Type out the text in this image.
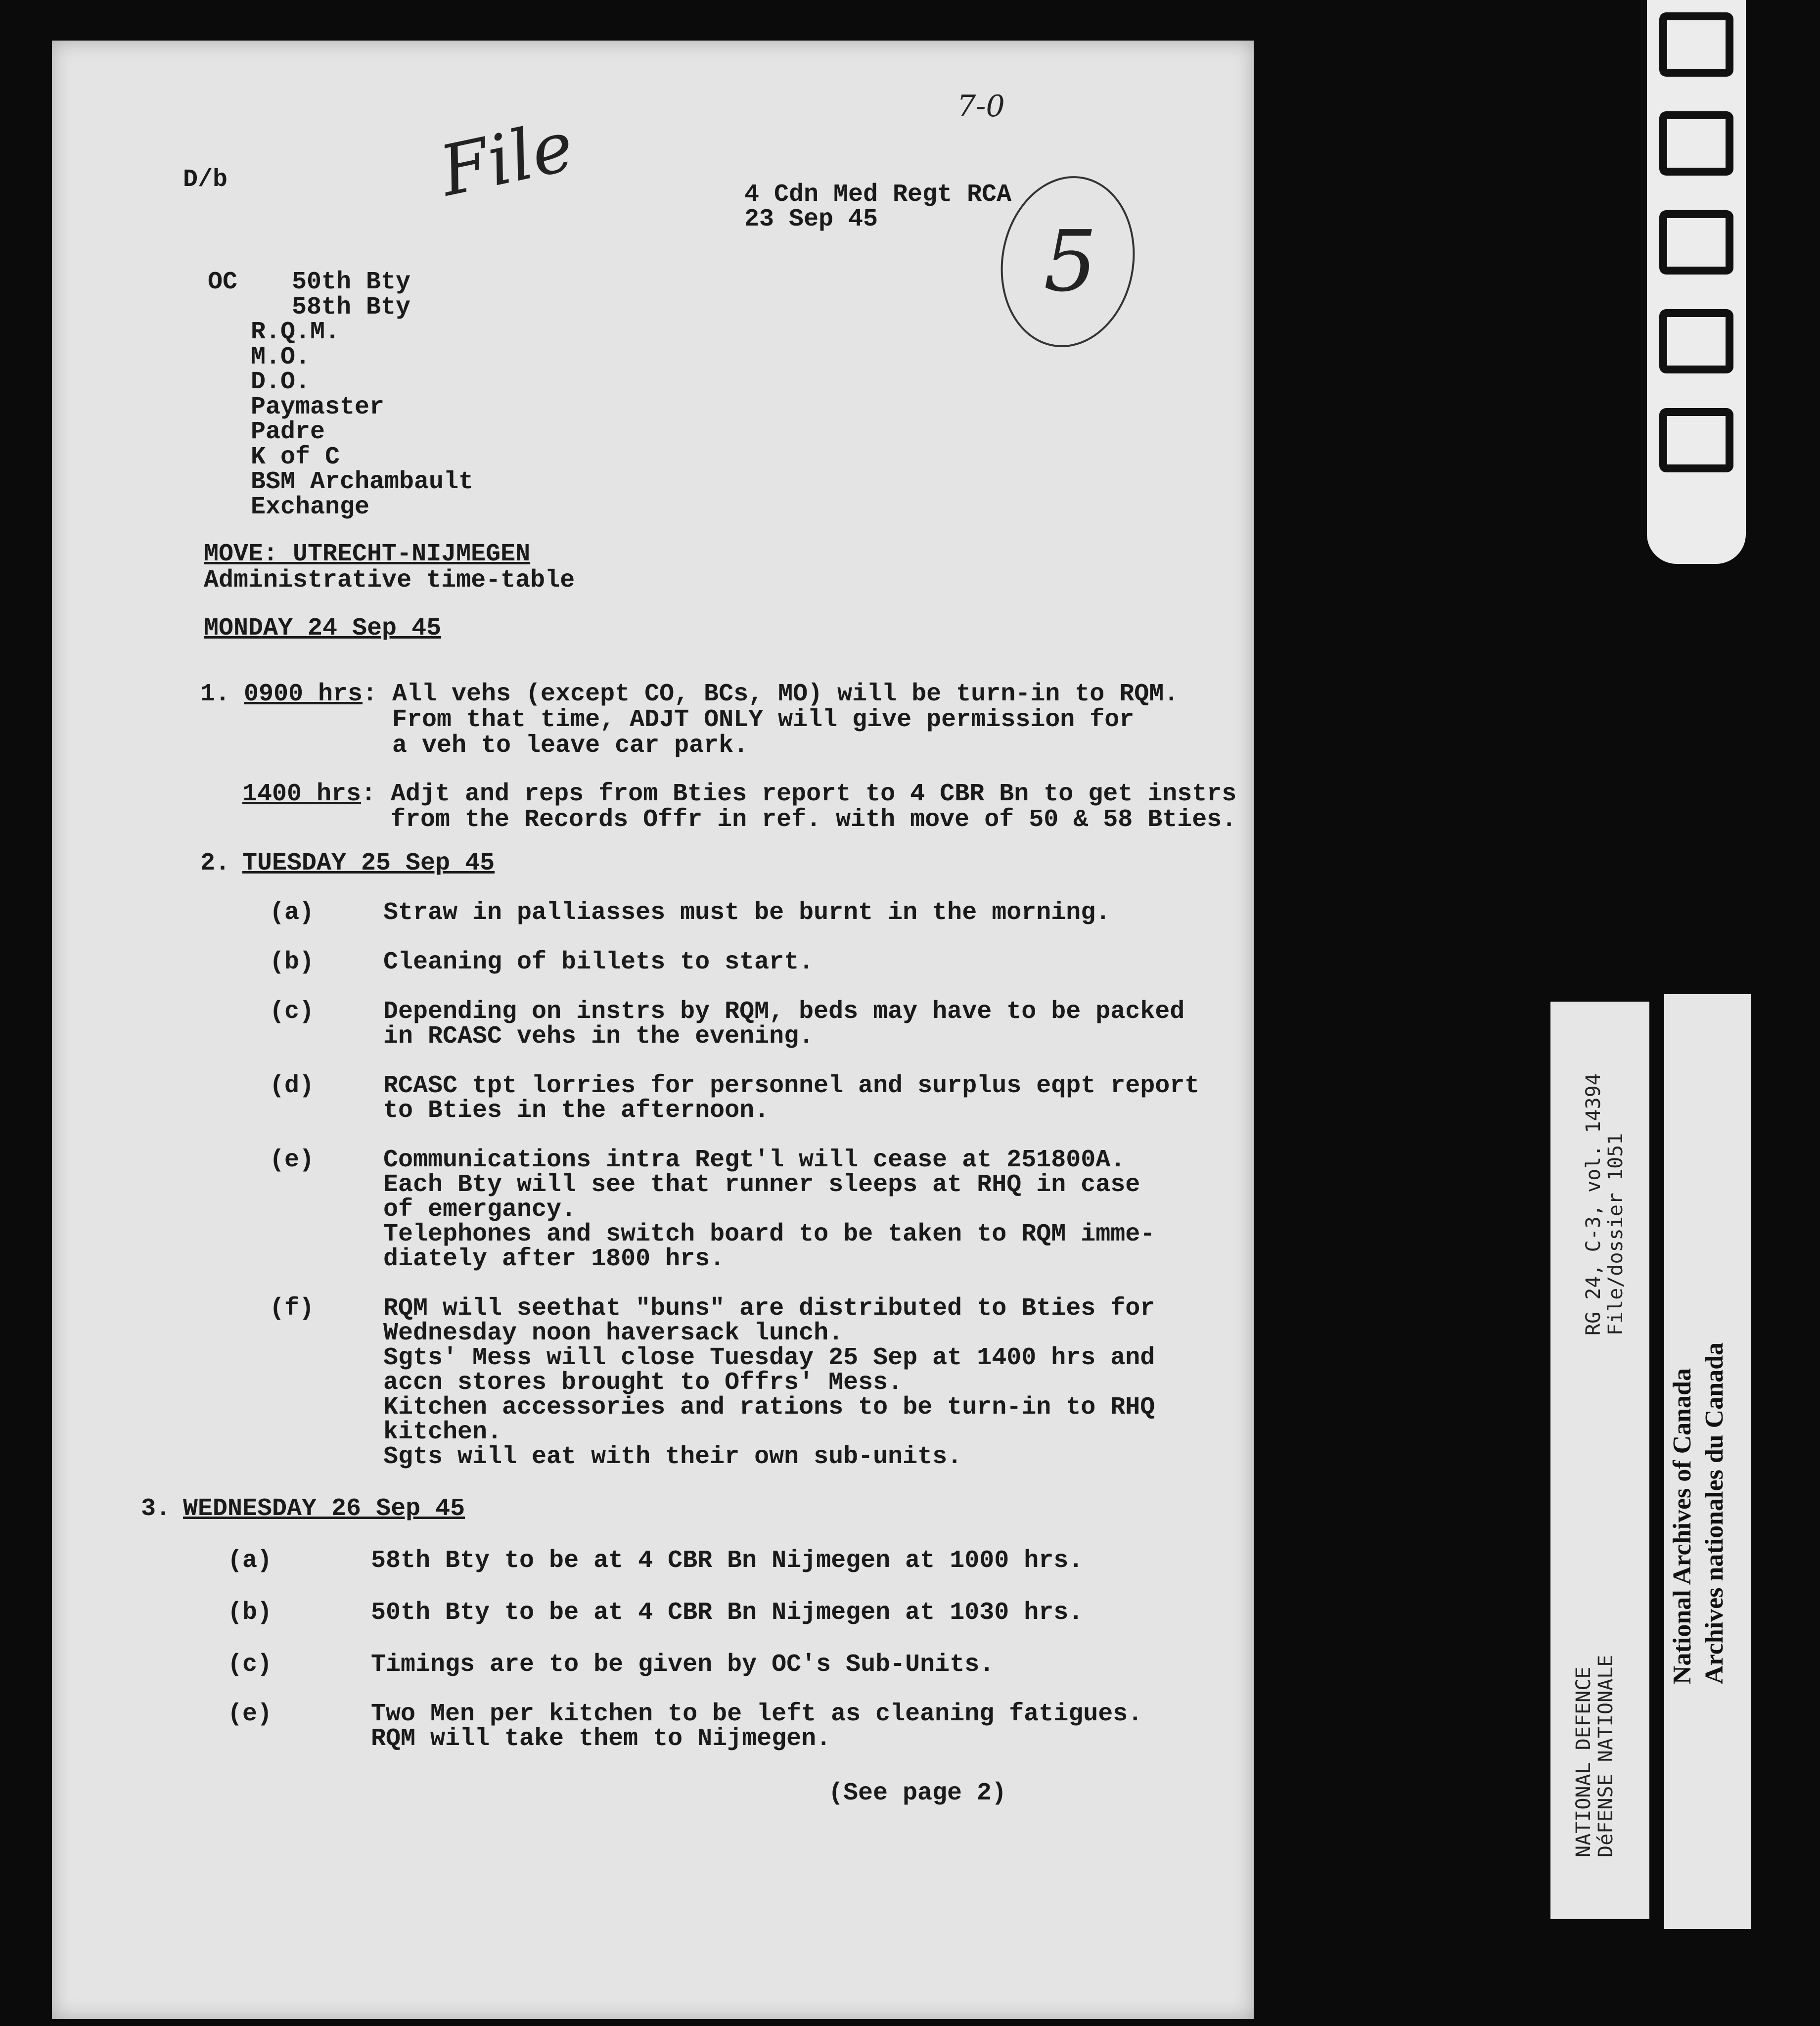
7-0
File
5
D/b
4 Cdn Med Regt RCA
23 Sep 45
OC 50th Bty
58th Bty
R.Q.M.
M.O.
D.O.
Paymaster
Padre
K of C
BSM Archambault
Exchange
MOVE: UTRECHT-NIJMEGEN
Administrative time-table
MONDAY 24 Sep 45
1. 0900 hrs : All vehs (except CO, BCs, MO) will be turn-in to RQM.
From that time, ADJT ONLY will give permission for
a veh to leave car park.
1400 hrs : Adjt and reps from Bties report to 4 CBR Bn to get instrs
from the Records Offr in ref. with move of 50 & 58 Bties.
2. TUESDAY 25 Sep 45
(a)	Straw in palliasses must be burnt in the morning.
(b)	Cleaning of billets to start.
(c)	Depending on instrs by RQM, beds may have to be packed
in RCASC vehs in the evening.
(d)	RCASC tpt lorries for personnel and surplus eqpt report
to Bties in the afternoon.
(e)	Communications intra Regt'l will cease at 251800A.
Each Bty will see that runner sleeps at RHQ in case
of emergancy.
Telephones and switch board to be taken to RQM imme-
diately after 1800 hrs.
(f)	RQM will seethat "buns" are distributed to Bties for
Wednesday noon haversack lunch.
Sgts' Mess will close Tuesday 25 Sep at 1400 hrs and
accn stores brought to Offrs' Mess.
Kitchen accessories and rations to be turn-in to RHQ
kitchen.
Sgts will eat with their own sub-units.
3. WEDNESDAY 26 Sep 45
(a)	58th Bty to be at 4 CBR Bn Nijmegen at 1000 hrs.
(b)	50th Bty to be at 4 CBR Bn Nijmegen at 1030 hrs.
(c)	Timings are to be given by OC's Sub-Units.
(e)	Two Men per kitchen to be left as cleaning fatigues.
RQM will take them to Nijmegen.
(See page 2)
RG 24, C-3, vol. 14394 File/dossier 1051
NATIONAL DEFENCE DéFENSE NATIONALE
National Archives of Canada Archives nationales du Canada
